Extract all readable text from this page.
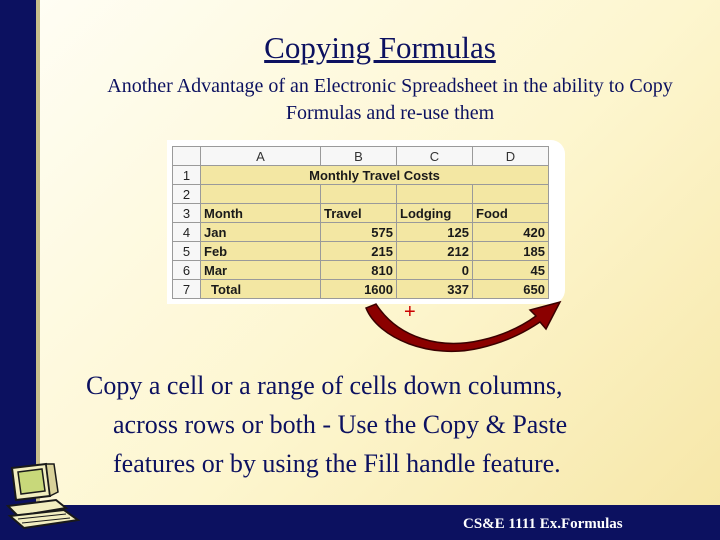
Copying Formulas
Another Advantage of an Electronic Spreadsheet in the ability to Copy Formulas and re-use them
	A	B	C	D
1	Monthly Travel Costs			
2				
3	Month	Travel	Lodging	Food
4	Jan	575	125	420
5	Feb	215	212	185
6	Mar	810	0	45
7	Total	1600	337	650
+
Copy a cell or a range of cells down columns,
across rows or both - Use the Copy & Paste
features or by using the Fill handle feature.
CS&E 1111 Ex.Formulas
